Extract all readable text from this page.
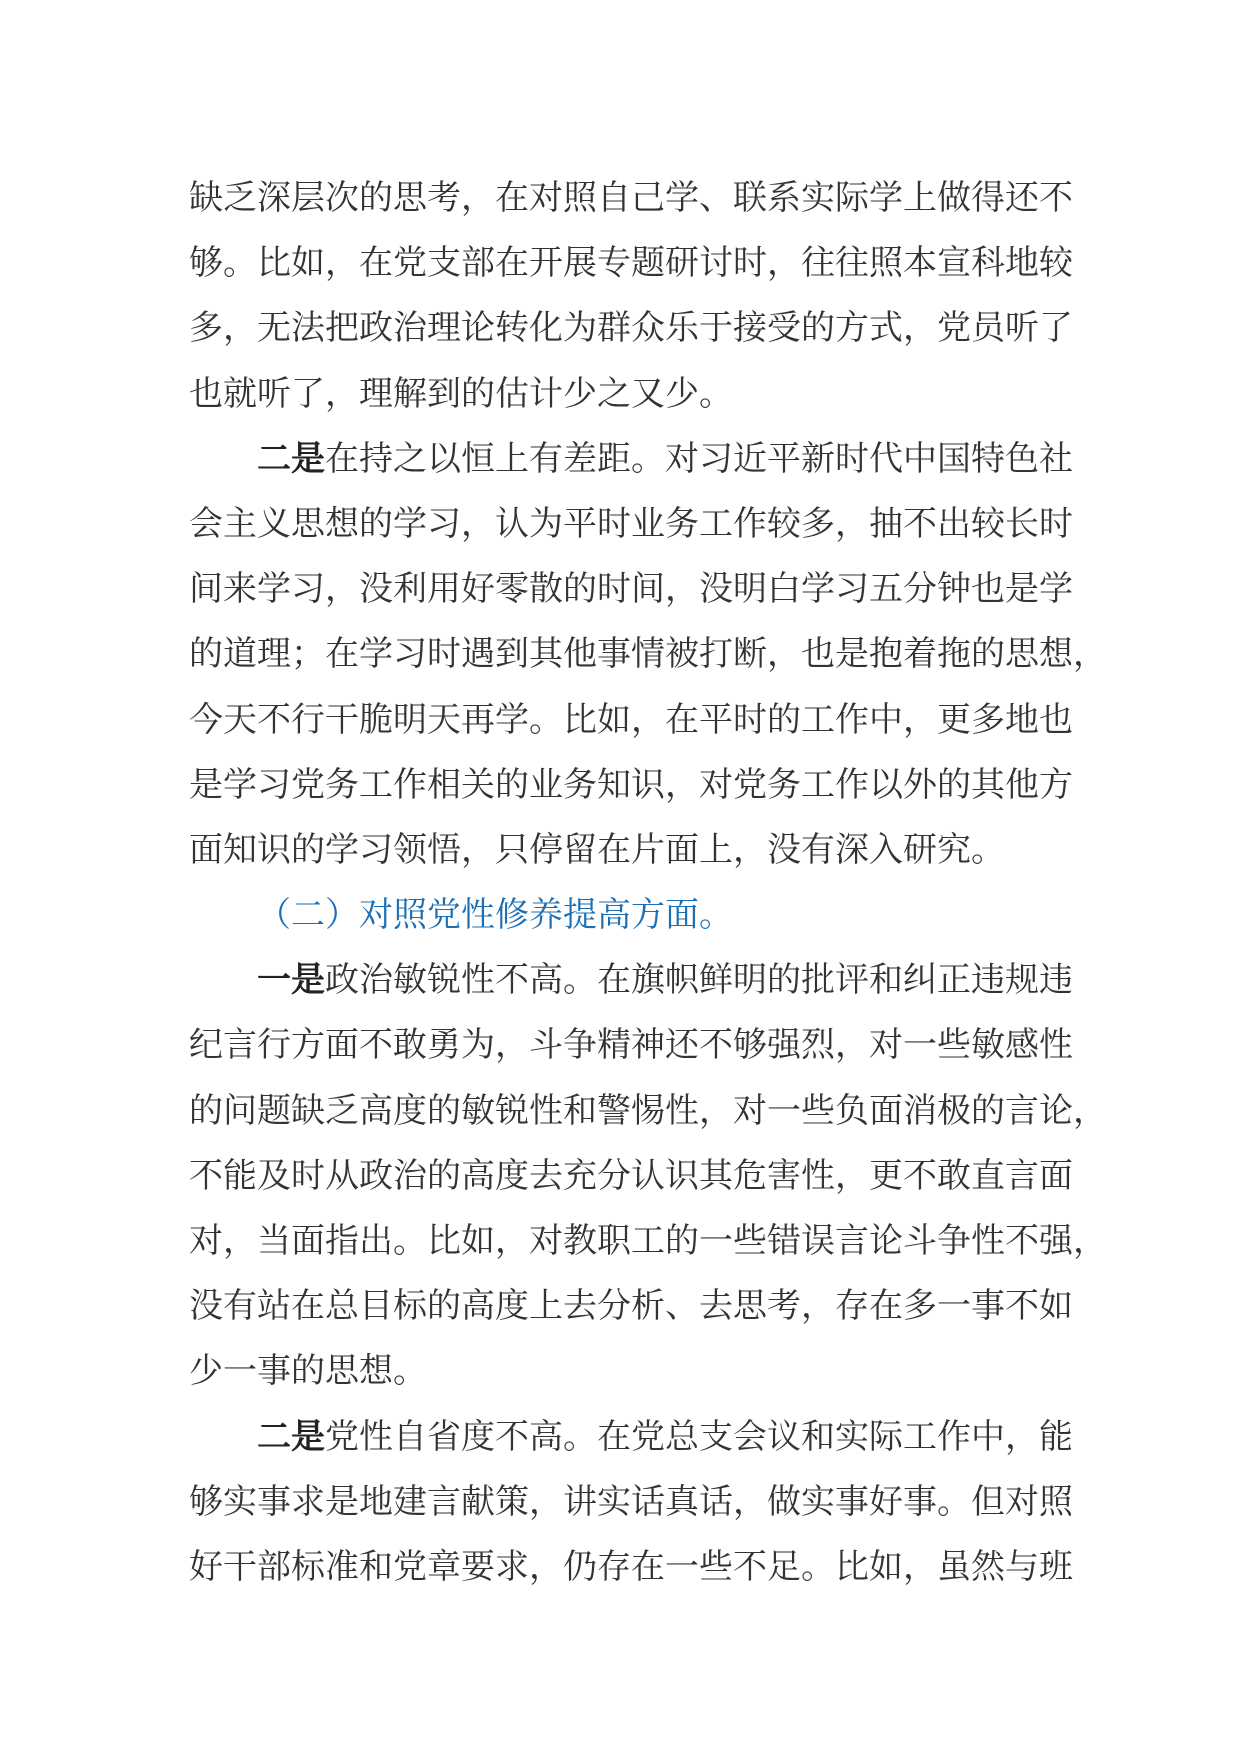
缺乏深层次的思考，在对照自己学、联系实际学上做得还不
够。比如，在党支部在开展专题研讨时，往往照本宣科地较
多，无法把政治理论转化为群众乐于接受的方式，党员听了
也就听了，理解到的估计少之又少。
二是在持之以恒上有差距。对习近平新时代中国特色社
会主义思想的学习，认为平时业务工作较多，抽不出较长时
间来学习，没利用好零散的时间，没明白学习五分钟也是学
的道理；在学习时遇到其他事情被打断，也是抱着拖的思想，
今天不行干脆明天再学。比如，在平时的工作中，更多地也
是学习党务工作相关的业务知识，对党务工作以外的其他方
面知识的学习领悟，只停留在片面上，没有深入研究。
（二）对照党性修养提高方面。
一是政治敏锐性不高。在旗帜鲜明的批评和纠正违规违
纪言行方面不敢勇为，斗争精神还不够强烈，对一些敏感性
的问题缺乏高度的敏锐性和警惕性，对一些负面消极的言论，
不能及时从政治的高度去充分认识其危害性，更不敢直言面
对，当面指出。比如，对教职工的一些错误言论斗争性不强，
没有站在总目标的高度上去分析、去思考，存在多一事不如
少一事的思想。
二是党性自省度不高。在党总支会议和实际工作中，能
够实事求是地建言献策，讲实话真话，做实事好事。但对照
好干部标准和党章要求，仍存在一些不足。比如，虽然与班
